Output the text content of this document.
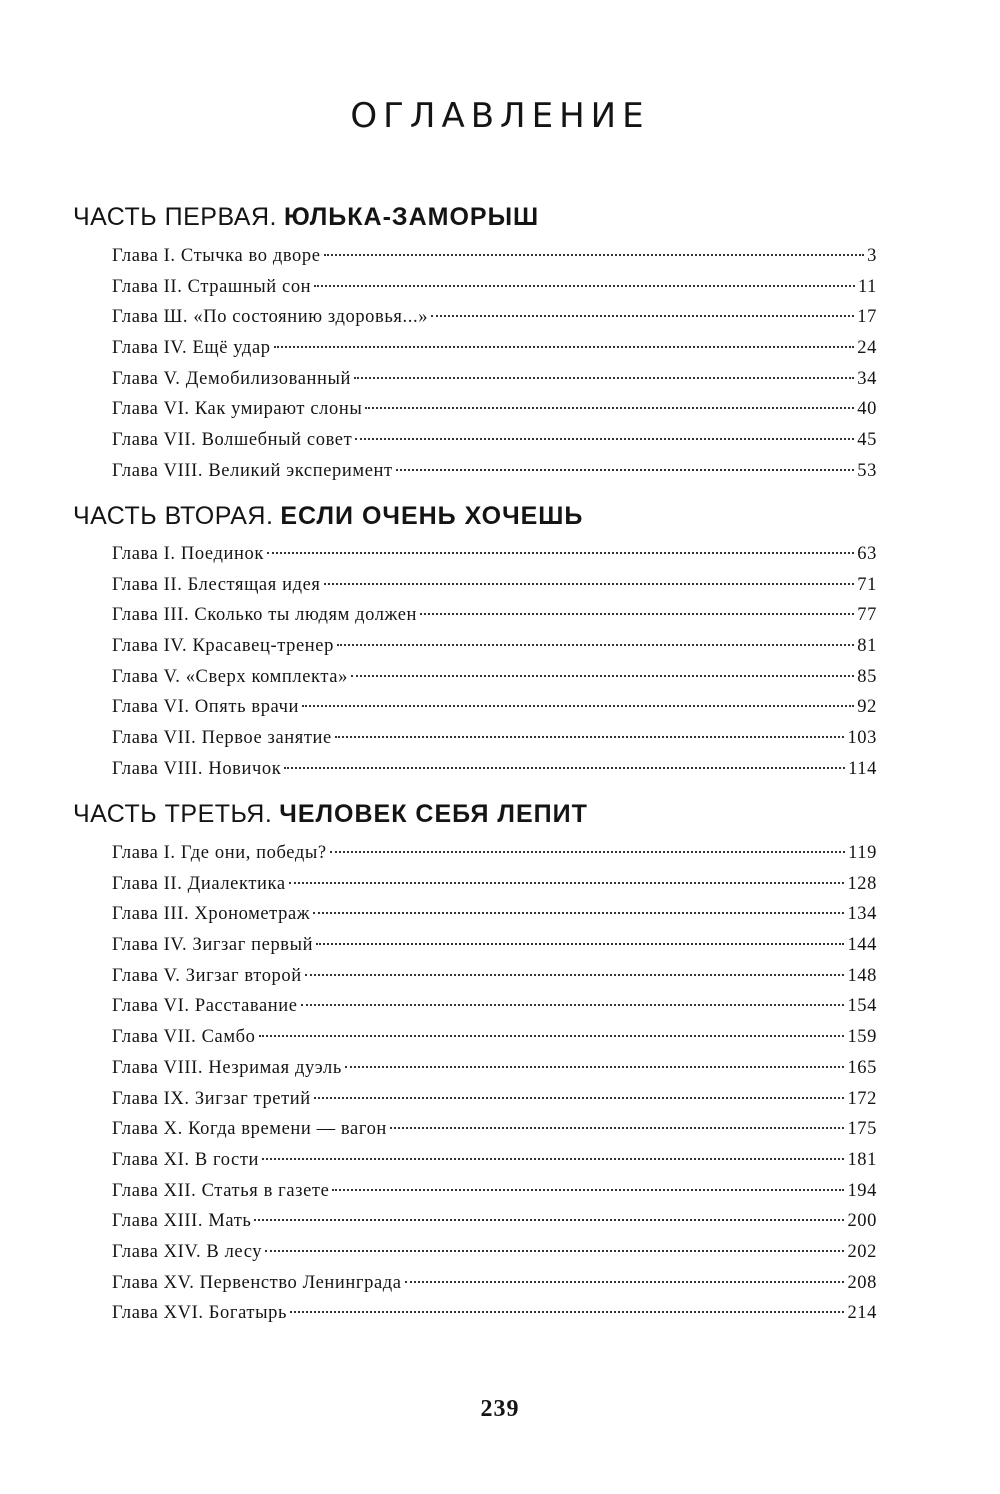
ОГЛАВЛЕНИЕ
ЧАСТЬ ПЕРВАЯ. ЮЛЬКА-ЗАМОРЫШ
Глава I. Стычка во дворе	3
Глава II. Страшный сон	11
Глава Ш. «По состоянию здоровья...»	17
Глава IV. Ещё удар	24
Глава V. Демобилизованный	34
Глава VI. Как умирают слоны	40
Глава VII. Волшебный совет	45
Глава VIII. Великий эксперимент	53
ЧАСТЬ ВТОРАЯ. ЕСЛИ ОЧЕНЬ ХОЧЕШЬ
Глава I. Поединок	63
Глава II. Блестящая идея	71
Глава III. Сколько ты людям должен	77
Глава IV. Красавец-тренер	81
Глава V. «Сверх комплекта»	85
Глава VI. Опять врачи	92
Глава VII. Первое занятие	103
Глава VIII. Новичок	114
ЧАСТЬ ТРЕТЬЯ. ЧЕЛОВЕК СЕБЯ ЛЕПИТ
Глава I. Где они, победы?	119
Глава II. Диалектика	128
Глава III. Хронометраж	134
Глава IV. Зигзаг первый	144
Глава V. Зигзаг второй	148
Глава VI. Расставание	154
Глава VII. Самбо	159
Глава VIII. Незримая дуэль	165
Глава IX. Зигзаг третий	172
Глава X. Когда времени — вагон	175
Глава XI. В гости	181
Глава XII. Статья в газете	194
Глава XIII. Мать	200
Глава XIV. В лесу	202
Глава XV. Первенство Ленинграда	208
Глава XVI. Богатырь	214

239
